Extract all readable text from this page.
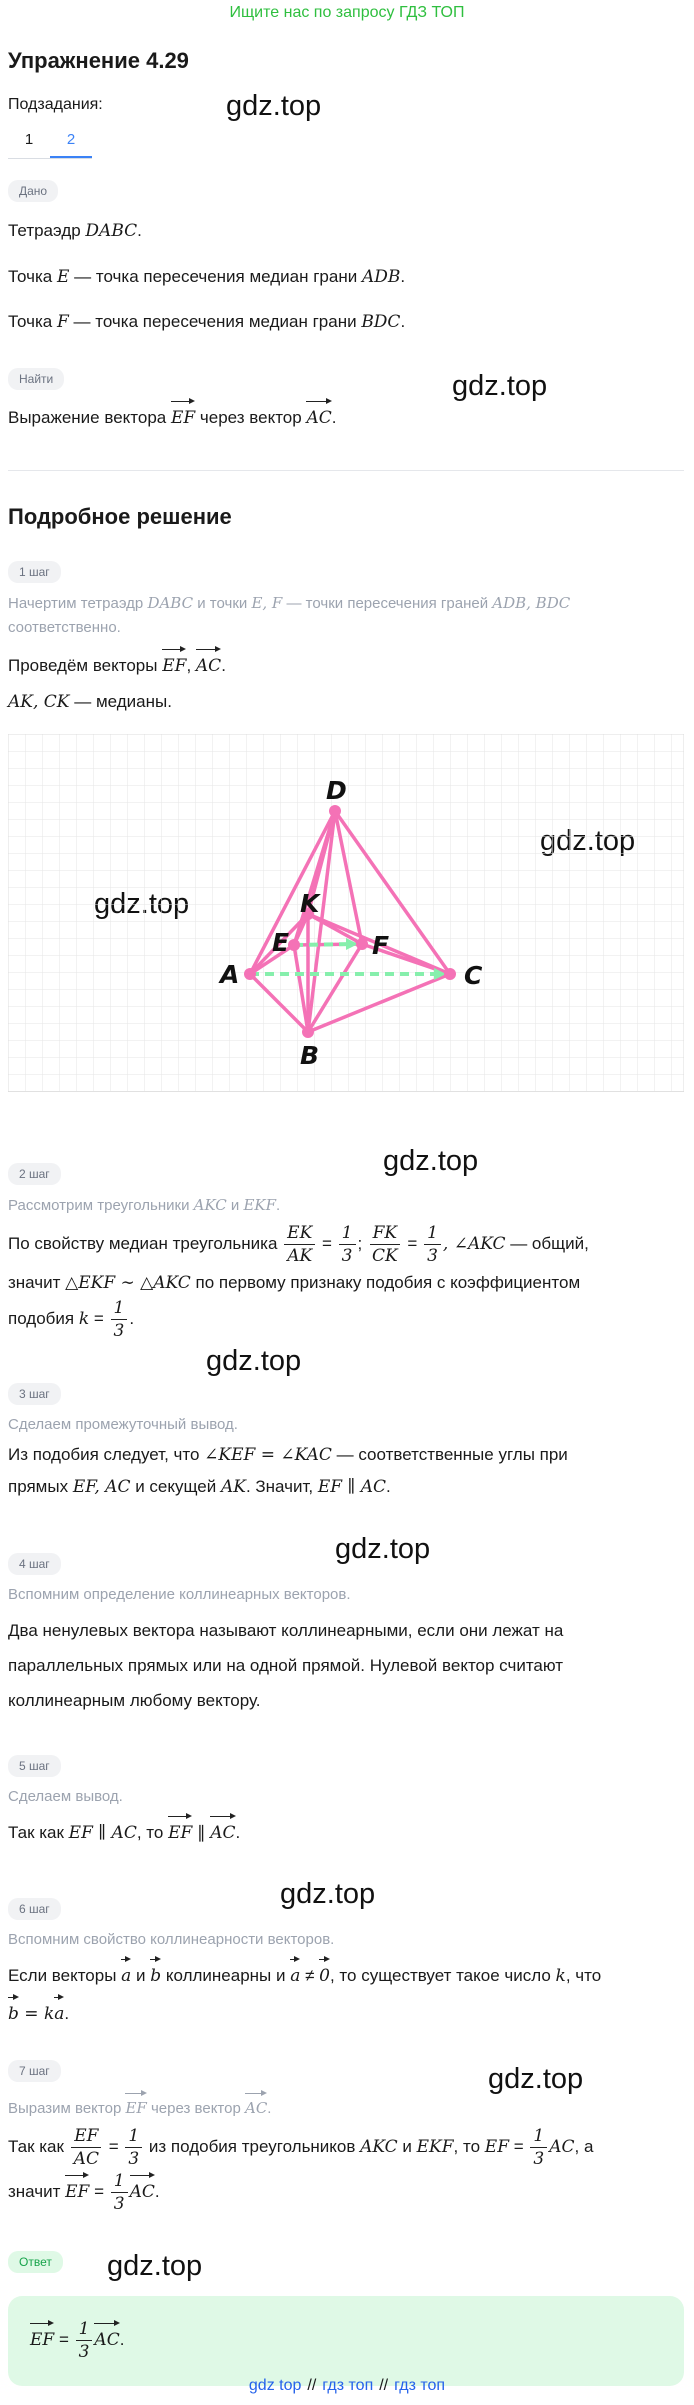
Ищите нас по запросу ГДЗ ТОП
Упражнение 4.29
Подзадания:
1	2
gdz.top
gdz.top
gdz.top
gdz.top
gdz.top
gdz.top
gdz.top
gdz.top
Дано

Тетраэдр DABC.

Точка E — точка пересечения медиан грани ADB.

Точка F — точка пересечения медиан грани BDC.

Найти

Выражение вектора EF через вектор AC.

Подробное решение
1 шаг

Начертим тетраэдр DABC и точки E, F — точки пересечения граней ADB, BDC соответственно.

Проведём векторы EF, AC.

AK, CK — медианы.

D
A
B
C
E
K
F
2 шаг

Рассмотрим треугольники AKC и EKF.

По свойству медиан треугольника $\frac{EK}{AK} = \frac{1}{3}$ ; $\frac{FK}{CK} = \frac{1}{3}$ , ∠AKC — общий,

значит △EKF ∼ △AKC по первому признаку подобия с коэффициентом

подобия $k = \frac{1}{3}$ .

3 шаг

Сделаем промежуточный вывод.

Из подобия следует, что ∠KEF = ∠KAC — соответственные углы при

прямых EF, AC и секущей AK. Значит, EF ∥ AC.

4 шаг

Вспомним определение коллинеарных векторов.

Два ненулевых вектора называют коллинеарными, если они лежат на

параллельных прямых или на одной прямой. Нулевой вектор считают

коллинеарным любому вектору.

5 шаг

Сделаем вывод.

Так как EF ∥ AC, то EF ∥ AC.

6 шаг

Вспомним свойство коллинеарности векторов.

Если векторы a и b коллинеарны и a ≠ 0, то существует такое число k, что

b = ka.

7 шаг

Выразим вектор EF через вектор AC.

Так как $\frac{EF}{AC} = \frac{1}{3}$ из подобия треугольников AKC и EKF, то EF = $\frac{1}{3}$ AC, а

значит EF = $\frac{1}{3}$ AC.

Ответ

EF = $\frac{1}{3}$ AC.

gdz top // гдз топ // гдз топ
